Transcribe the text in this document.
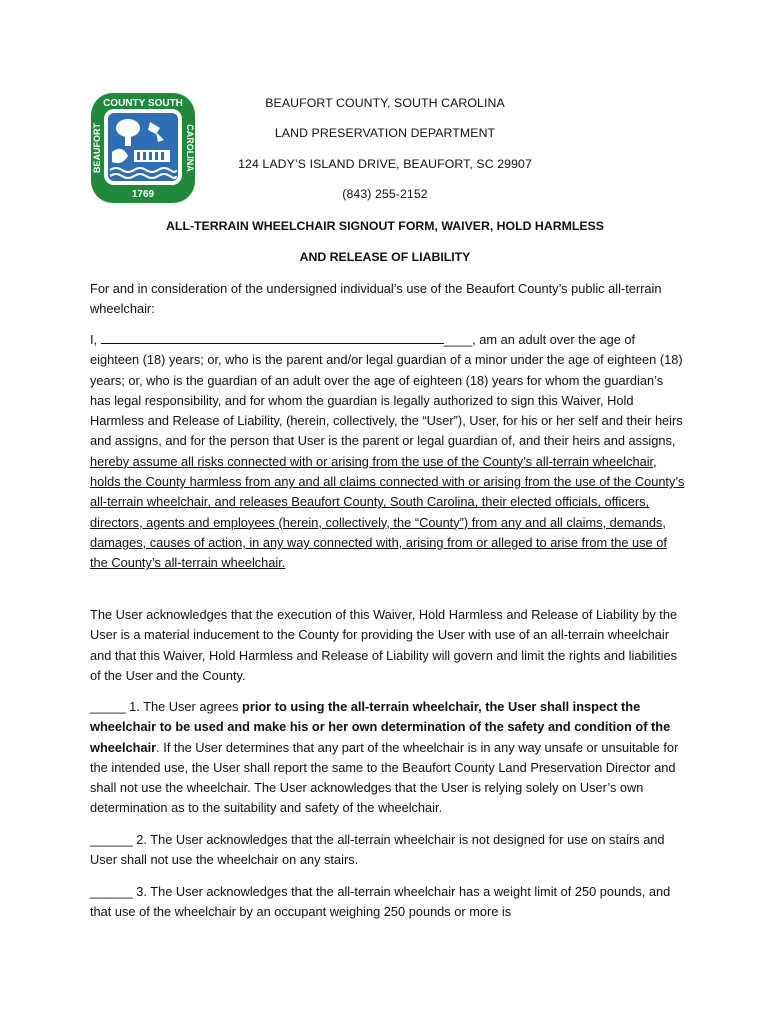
COUNTY SOUTH
BEAUFORT	CAROLINA
1769
BEAUFORT COUNTY, SOUTH CAROLINA
LAND PRESERVATION DEPARTMENT
124 LADY’S ISLAND DRIVE, BEAUFORT, SC 29907
(843) 255-2152
ALL-TERRAIN WHEELCHAIR SIGNOUT FORM, WAIVER, HOLD HARMLESS
AND RELEASE OF LIABILITY
For and in consideration of the undersigned individual’s use of the Beaufort County’s public all-terrain wheelchair:
I,	____, am an adult over the age of eighteen (18) years; or, who is the parent and/or legal guardian of a minor under the age of eighteen (18) years; or, who is the guardian of an adult over the age of eighteen (18) years for whom the guardian’s has legal responsibility, and for whom the guardian is legally authorized to sign this Waiver, Hold Harmless and Release of Liability, (herein, collectively, the “User”), User, for his or her self and their heirs and assigns, and for the person that User is the parent or legal guardian of, and their heirs and assigns, hereby assume all risks connected with or arising from the use of the County’s all-terrain wheelchair, holds the County harmless from any and all claims connected with or arising from the use of the County’s all-terrain wheelchair, and releases Beaufort County, South Carolina, their elected officials, officers, directors, agents and employees (herein, collectively, the “County”) from any and all claims, demands, damages, causes of action, in any way connected with, arising from or alleged to arise from the use of the County’s all-terrain wheelchair.
The User acknowledges that the execution of this Waiver, Hold Harmless and Release of Liability by the User is a material inducement to the County for providing the User with use of an all-terrain wheelchair and that this Waiver, Hold Harmless and Release of Liability will govern and limit the rights and liabilities of the User and the County.
_____ 1. The User agrees prior to using the all-terrain wheelchair, the User shall inspect the wheelchair to be used and make his or her own determination of the safety and condition of the wheelchair. If the User determines that any part of the wheelchair is in any way unsafe or unsuitable for the intended use, the User shall report the same to the Beaufort County Land Preservation Director and shall not use the wheelchair. The User acknowledges that the User is relying solely on User’s own determination as to the suitability and safety of the wheelchair.
______ 2. The User acknowledges that the all-terrain wheelchair is not designed for use on stairs and User shall not use the wheelchair on any stairs.
______ 3. The User acknowledges that the all-terrain wheelchair has a weight limit of 250 pounds, and that use of the wheelchair by an occupant weighing 250 pounds or more is
